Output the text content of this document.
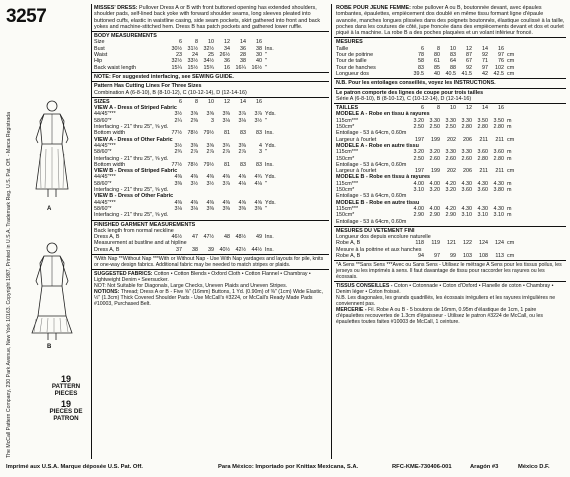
3257
The McCall Pattern Company, 230 Park Avenue, New York 10163. Copyright 1987, Printed in U.S.A. Trademark Reg. U.S. Pat. Off. - Marca Registrada	A
B
19
PATTERN PIECES
19
PIECES DE PATRON
MISSES' DRESS: Pullover Dress A or B with front buttoned opening has extended shoulders, shoulder pads, self-lined back yoke with forward shoulder seams, long sleeves pleated into buttoned cuffs, elastic in waistline casing, side seam pockets, skirt gathered into front and back yokes and machine-stitched hem. Dress B has patch pockets and gathered lower ruffle.
BODY MEASUREMENTS
Size	6	8	10	12	14	16
Bust	30½	31½	32½	34	36	38 Ins.
Waist	23	24	25	26½	28	30 "
Hip	32½	33½	34½	36	38	40 "
Back waist length	15¼	15½	15¾	16	16¼	16½ "
NOTE: For suggested interfacing, see SEWING GUIDE.
Pattern Has Cutting Lines For Three Sizes
Combination A (6-8-10), B (8-10-12), C (10-12-14), D (12-14-16)
SIZES	6	8	10	12	14	16
VIEW A - Dress of Striped Fabric
44/45"***	3½	3⅝	3⅝	3⅜	3⅞	3⅞ Yds.
58/60"*	2¼	2⅜	3	3⅛	3⅛	3½ "
Interfacing - 21" thru 25", ⅝ yd.
Bottom width	77½	78½	79½	81	83	83 Ins.
VIEW A - Dress of Other Fabric
44/45"***	3½	3⅜	3⅝	3¾	3⅜	4 Yds.
58/60"*	2¾	2⅞	2⅞	2⅞	2⅞	3 "
Interfacing - 21" thru 25", ⅝ yd.
Bottom width	77½	78½	79½	81	83	83 Ins.
VIEW B - Dress of Striped Fabric
44/45"***	4⅜	4⅜	4⅜	4⅜	4⅝	4¾ Yds.
58/60"*	3⅜	3½	3½	3⅞	4⅛	4⅛ "
Interfacing - 21" thru 25", ⅝ yd.
VIEW B - Dress of Other Fabric
44/45"***	4⅜	4⅜	4⅜	4⅜	4⅝	4⅝ Yds.
58/60"*	3⅛	3⅛	3⅜	3⅜	3⅜	3⅜ "
Interfacing - 21" thru 25", ⅝ yd.
FINISHED GARMENT MEASUREMENTS
Back length from normal neckline
Dress A, B	46½	47	47½	48	48½	49 Ins.
Measurement at bustline and at hipline
Dress A, B	37	38	39	40½	42½	44½ Ins.
*With Nap **Without Nap ***With or Without Nap - Use With Nap yardages and layouts for pile, knits or one-way design fabrics. Additional fabric may be needed to match stripes or plaids.
SUGGESTED FABRICS: Cotton • Cotton Blends • Oxford Cloth • Cotton Flannel • Chambray • Lightweight Denim • Seersucker.
NOT: Not Suitable for Diagonals, Large Checks, Uneven Plaids and Uneven Stripes.
NOTIONS: Thread; Dress A or B - Five ⅝" (16mm) Buttons, 1 Yd. (0.90m) of ⅜" (1cm) Wide Elastic, ½" (1.3cm) Thick Covered Shoulder Pads - Use McCall's #3224, or McCall's Ready Made Pads #10003, Purchased Belt.
ROBE POUR JEUNE FEMME: robe pullover A ou B, boutonnée devant, avec épaules tombantes, épaulettes, empiècement dos doublé en même tissu formant ligne d'épaule avancée, manches longues plissées dans des poignets boutonnés, élastique coulissé à la taille, poches dans les coutures de côté, jupe froncée dans des empiècements devant et dos et ourlet piqué à la machine. La robe B a des poches plaquées et un volant inférieur froncé.
MESURES
Taille	6	8	10	12	14	16
Tour de poitrine	78	80	83	87	92	97 cm
Tour de taille	58	61	64	67	71	76 cm
Tour de hanches	83	85	88	92	97	102 cm
Longueur dos	39.5	40	40.5	41.5	42	42.5 cm
N.B. Pour les entoilages conseillés, voyez les INSTRUCTIONS.
Le patron comporte des lignes de coupe pour trois tailles
Série A (6-8-10), B (8-10-12), C (10-12-14), D (12-14-16)
TAILLES	6	8	10	12	14	16
MODELE A - Robe en tissu à rayures
115cm***	3.20	3.30	3.30	3.30	3.50	3.50 m
150cm*	2.50	2.50	2.50	2.80	2.80	2.80 m
Entoilage - 53 à 64cm, 0.60m
Largeur à l'ourlet	197	199	202	206	211	211 cm
MODELE A - Robe en autre tissu
115cm***	3.20	3.20	3.30	3.30	3.60	3.60 m
150cm*	2.50	2.60	2.60	2.60	2.80	2.80 m
Entoilage - 53 à 64cm, 0.60m
Largeur à l'ourlet	197	199	202	206	211	211 cm
MODELE B - Robe en tissu à rayures
115cm***	4.00	4.00	4.20	4.30	4.30	4.30 m
150cm*	3.10	3.20	3.20	3.60	3.60	3.80 m
Entoilage - 53 à 64cm, 0.60m
MODELE B - Robe en autre tissu
115cm***	4.00	4.00	4.20	4.30	4.30	4.30 m
150cm*	2.90	2.90	2.90	3.10	3.10	3.10 m
Entoilage - 53 à 64cm, 0.60m
MESURES DU VETEMENT FINI
Longueur dos depuis encolure naturelle
Robe A, B	118	119	121	122	124	124 cm
Mesure à la poitrine et aux hanches
Robe A, B	94	97	99	103	108	113 cm
*A Sens **Sans Sens ***Avec ou Sans Sens - Utilisez le métrage A Sens pour les tissus poilus, les jerseys ou les imprimés à sens. Il faut davantage de tissu pour raccorder les rayures ou les écossais.
TISSUS CONSEILLES - Coton • Cotonnade • Coton d'Oxford • Flanelle de coton • Chambray • Denim léger • Coton froissé.
N.B. Les diagonales, les grands quadrillés, les écossais irréguliers et les rayures irrégulières ne conviennent pas.
MERCERIE - Fil. Robe A ou B - 5 boutons de 16mm, 0.95m d'élastique de 1cm, 1 paire d'épaulettes recouvertes de 1.3cm d'épaisseur - Utilisez le patron #3224 de McCall, ou les épaulettes toutes faites #10003 de McCall, 1 ceinture.
Imprimé aux U.S.A. Marque déposée U.S. Pat. Off.	Para México: Importado por Knittax Mexicana, S.A.	RFC-KME-730406-001	Aragón #3	México D.F.
